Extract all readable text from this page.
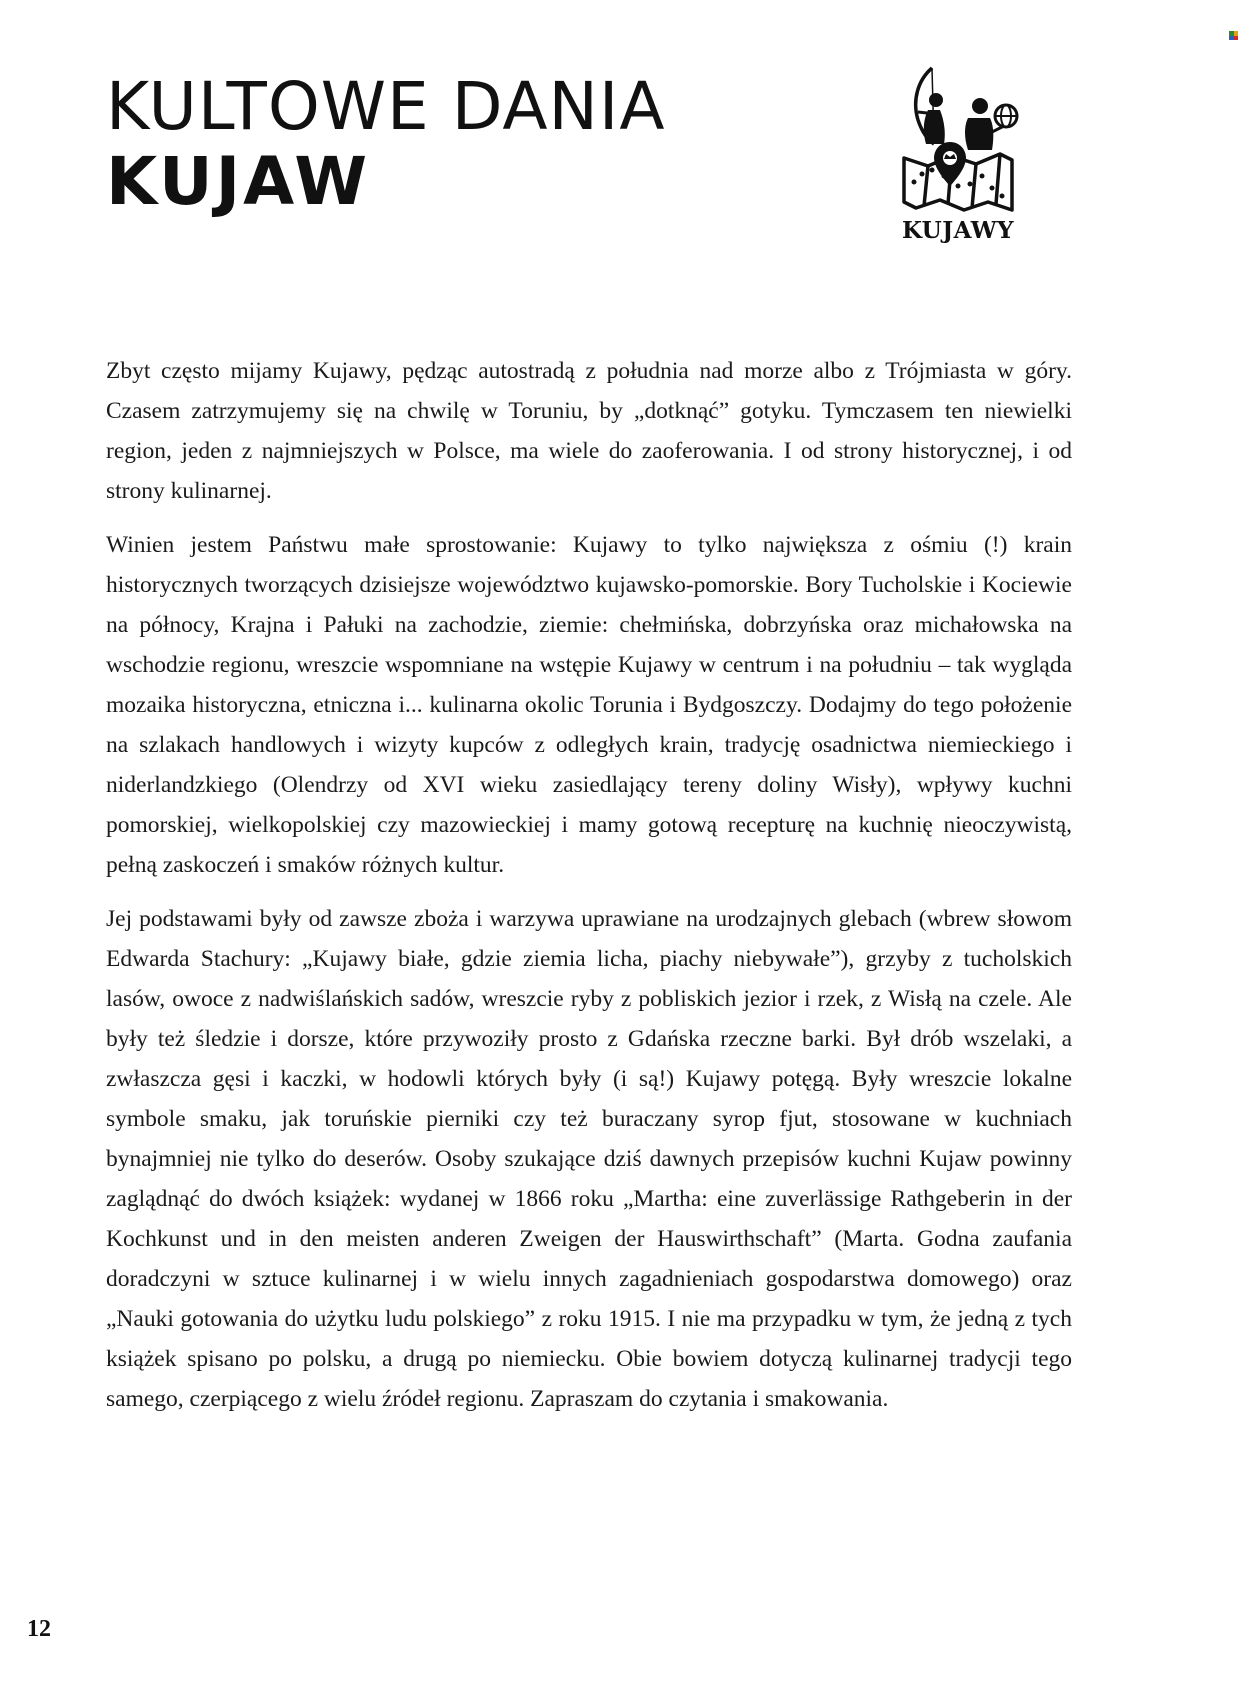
KULTOWE DANIA
KUJAW
KUJAWY

Zbyt często mijamy Kujawy, pędząc autostradą z południa nad morze albo z Trójmiasta w góry. Czasem zatrzymujemy się na chwilę w Toruniu, by „dotknąć” gotyku. Tymczasem ten niewielki region, jeden z najmniejszych w Polsce, ma wiele do zaoferowania. I od strony historycznej, i od strony kulinarnej.

Winien jestem Państwu małe sprostowanie: Kujawy to tylko największa z ośmiu (!) krain historycznych tworzących dzisiejsze województwo kujawsko-pomorskie. Bory Tucholskie i Kociewie na północy, Krajna i Pałuki na zachodzie, ziemie: chełmińska, dobrzyńska oraz michałowska na wschodzie regionu, wreszcie wspomniane na wstępie Kujawy w centrum i na południu – tak wygląda mozaika historyczna, etniczna i... kulinarna okolic Torunia i Bydgoszczy. Dodajmy do tego położenie na szlakach handlowych i wizyty kupców z odległych krain, tradycję osadnictwa niemieckiego i niderlandzkiego (Olendrzy od XVI wieku zasiedlający tereny doliny Wisły), wpływy kuchni pomorskiej, wielkopolskiej czy mazowieckiej i mamy gotową recepturę na kuchnię nieoczywistą, pełną zaskoczeń i smaków różnych kultur.

Jej podstawami były od zawsze zboża i warzywa uprawiane na urodzajnych glebach (wbrew słowom Edwarda Stachury: „Kujawy białe, gdzie ziemia licha, piachy niebywałe”), grzyby z tucholskich lasów, owoce z nadwiślańskich sadów, wreszcie ryby z pobliskich jezior i rzek, z Wisłą na czele. Ale były też śledzie i dorsze, które przywoziły prosto z Gdańska rzeczne barki. Był drób wszelaki, a zwłaszcza gęsi i kaczki, w hodowli których były (i są!) Kujawy potęgą. Były wreszcie lokalne symbole smaku, jak toruńskie pierniki czy też buraczany syrop fjut, stosowane w kuchniach bynajmniej nie tylko do deserów. Osoby szukające dziś dawnych przepisów kuchni Kujaw powinny zaglądnąć do dwóch książek: wydanej w 1866 roku „Martha: eine zuverlässige Rathgeberin in der Kochkunst und in den meisten anderen Zweigen der Hauswirthschaft” (Marta. Godna zaufania doradczyni w sztuce kulinarnej i w wielu innych zagadnieniach gospodarstwa domowego) oraz „Nauki gotowania do użytku ludu polskiego” z roku 1915. I nie ma przypadku w tym, że jedną z tych książek spisano po polsku, a drugą po niemiecku. Obie bowiem dotyczą kulinarnej tradycji tego samego, czerpiącego z wielu źródeł regionu. Zapraszam do czytania i smakowania.

12
